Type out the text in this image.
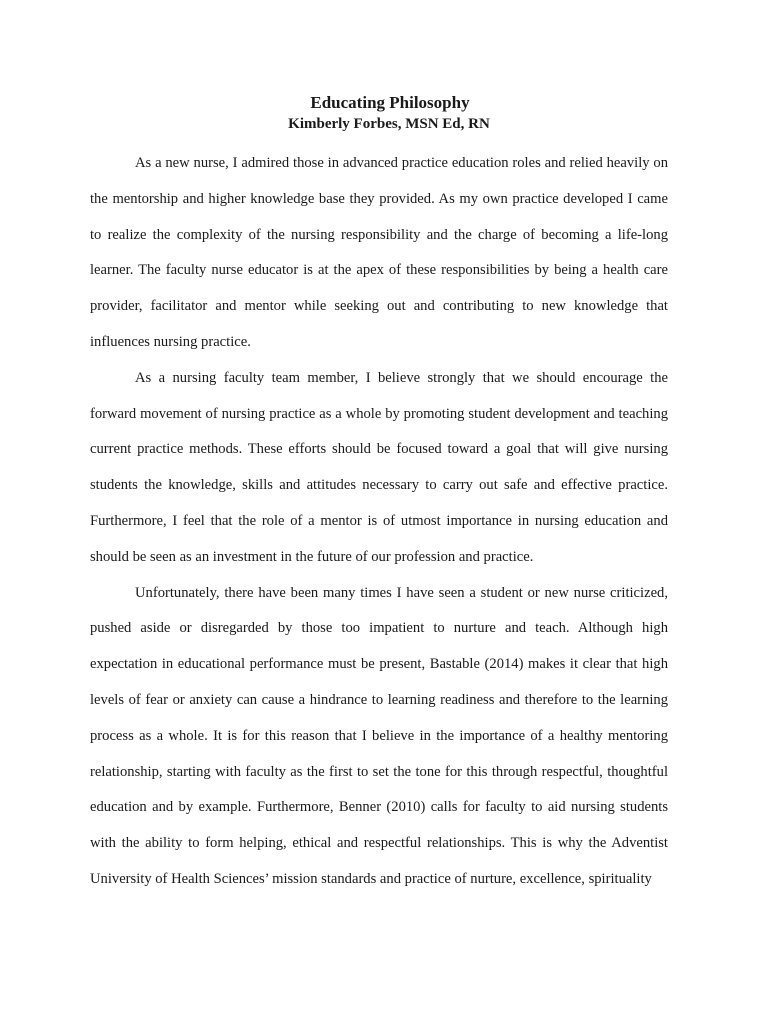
Educating Philosophy

Kimberly Forbes, MSN Ed, RN

As a new nurse, I admired those in advanced practice education roles and relied heavily on the mentorship and higher knowledge base they provided. As my own practice developed I came to realize the complexity of the nursing responsibility and the charge of becoming a life-long learner. The faculty nurse educator is at the apex of these responsibilities by being a health care provider, facilitator and mentor while seeking out and contributing to new knowledge that influences nursing practice.

As a nursing faculty team member, I believe strongly that we should encourage the forward movement of nursing practice as a whole by promoting student development and teaching current practice methods. These efforts should be focused toward a goal that will give nursing students the knowledge, skills and attitudes necessary to carry out safe and effective practice. Furthermore, I feel that the role of a mentor is of utmost importance in nursing education and should be seen as an investment in the future of our profession and practice.

Unfortunately, there have been many times I have seen a student or new nurse criticized, pushed aside or disregarded by those too impatient to nurture and teach. Although high expectation in educational performance must be present, Bastable (2014) makes it clear that high levels of fear or anxiety can cause a hindrance to learning readiness and therefore to the learning process as a whole. It is for this reason that I believe in the importance of a healthy mentoring relationship, starting with faculty as the first to set the tone for this through respectful, thoughtful education and by example. Furthermore, Benner (2010) calls for faculty to aid nursing students with the ability to form helping, ethical and respectful relationships. This is why the Adventist University of Health Sciences’ mission standards and practice of nurture, excellence, spirituality
